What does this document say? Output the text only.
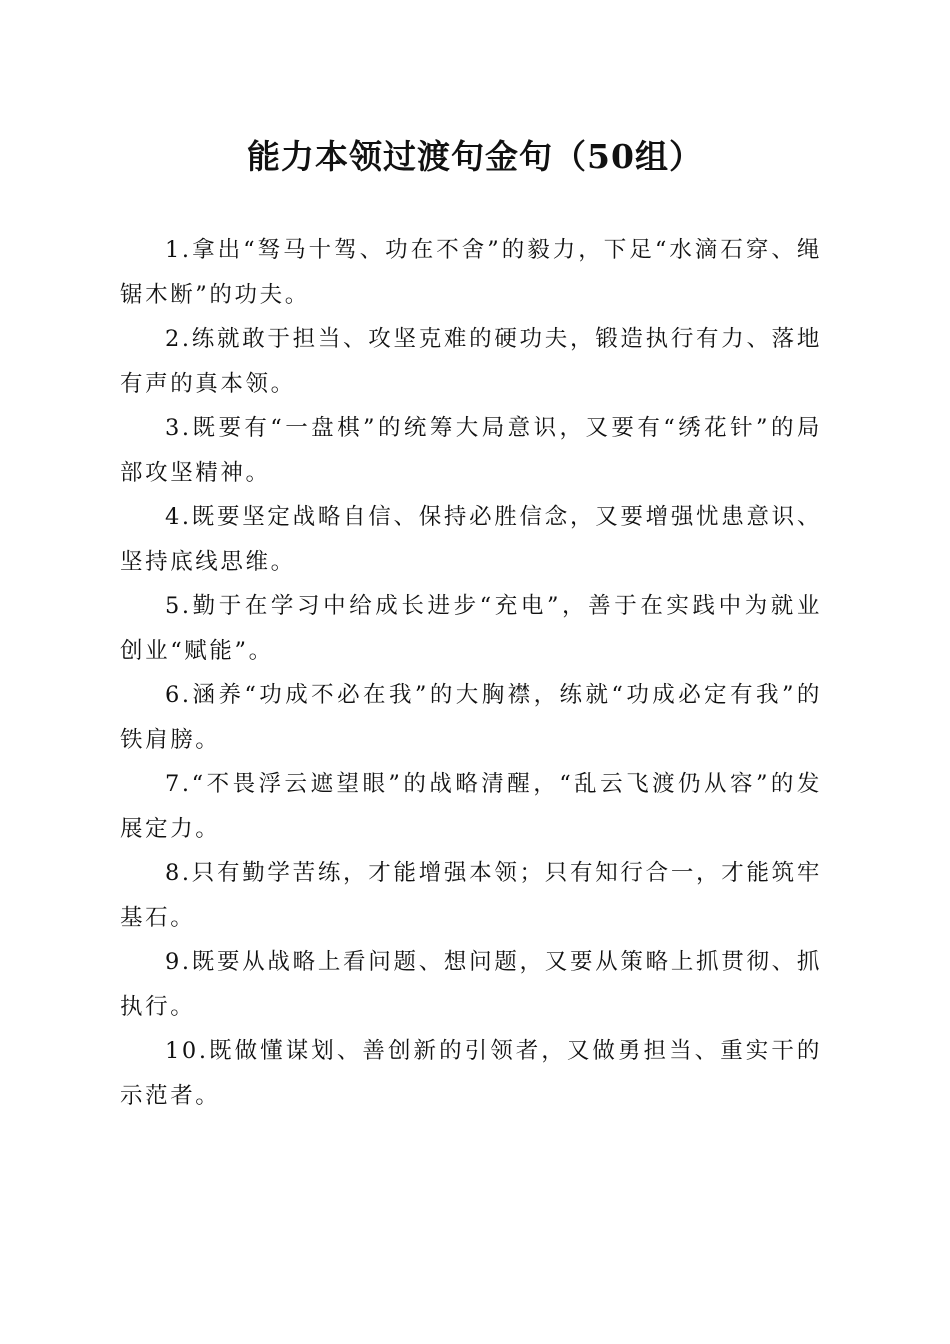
能力本领过渡句金句（50组）
1.拿出“驽马十驾、功在不舍”的毅力，下足“水滴石穿、绳锯木断”的功夫。
2.练就敢于担当、攻坚克难的硬功夫，锻造执行有力、落地有声的真本领。
3.既要有“一盘棋”的统筹大局意识，又要有“绣花针”的局部攻坚精神。
4.既要坚定战略自信、保持必胜信念，又要增强忧患意识、坚持底线思维。
5.勤于在学习中给成长进步“充电”，善于在实践中为就业创业“赋能”。
6.涵养“功成不必在我”的大胸襟，练就“功成必定有我”的铁肩膀。
7.“不畏浮云遮望眼”的战略清醒，“乱云飞渡仍从容”的发展定力。
8.只有勤学苦练，才能增强本领；只有知行合一，才能筑牢基石。
9.既要从战略上看问题、想问题，又要从策略上抓贯彻、抓执行。
10.既做懂谋划、善创新的引领者，又做勇担当、重实干的示范者。
